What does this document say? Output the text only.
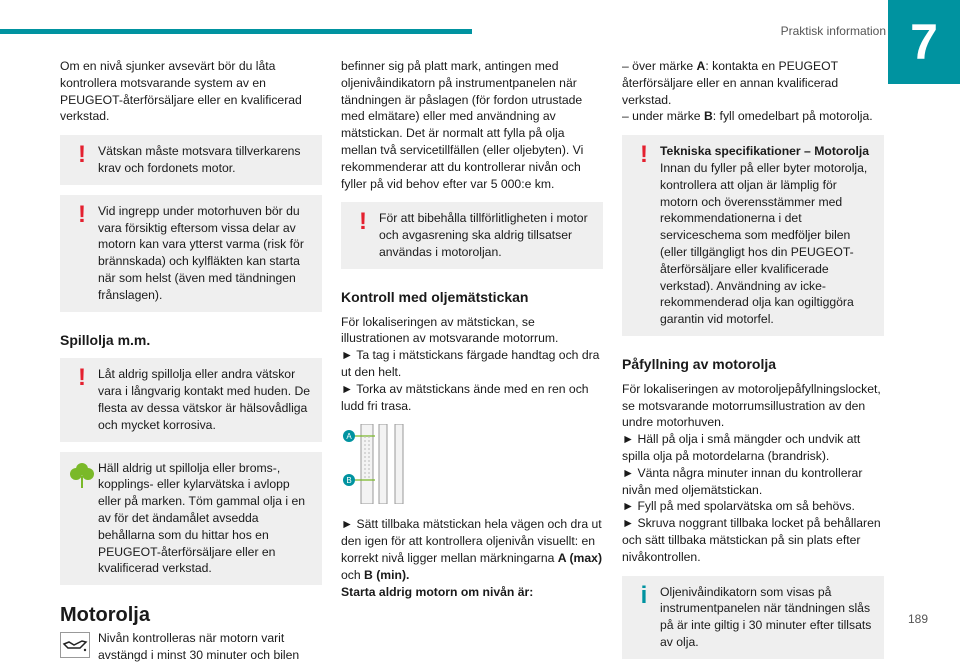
Praktisk information 7
189

Om en nivå sjunker avsevärt bör du låta kontrollera motsvarande system av en PEUGEOT-återförsäljare eller en kvalificerad verkstad.

! Vätskan måste motsvara tillverkarens krav och fordonets motor.

! Vid ingrepp under motorhuven bör du vara försiktig eftersom vissa delar av motorn kan vara ytterst varma (risk för brännskada) och kylfläkten kan starta när som helst (även med tändningen frånslagen).

Spillolja m.m.
! Låt aldrig spillolja eller andra vätskor vara i långvarig kontakt med huden. De flesta av dessa vätskor är hälsovådliga och mycket korrosiva.

Häll aldrig ut spillolja eller broms-, kopplings- eller kylarvätska i avlopp eller på marken. Töm gammal olja i en av för det ändamålet avsedda behållarna som du hittar hos en PEUGEOT-återförsäljare eller en kvalificerad verkstad.

Motorolja

Nivån kontrolleras när motorn varit avstängd i minst 30 minuter och bilen

befinner sig på platt mark, antingen med oljenivåindikatorn på instrumentpanelen när tändningen är påslagen (för fordon utrustade med elmätare) eller med användning av mätstickan. Det är normalt att fylla på olja mellan två servicetillfällen (eller oljebyten). Vi rekommenderar att du kontrollerar nivån och fyller på vid behov efter var 5 000:e km.

! För att bibehålla tillförlitligheten i motor och avgasrening ska aldrig tillsatser användas i motoroljan.

Kontroll med oljemätstickan

För lokaliseringen av mätstickan, se illustrationen av motsvarande motorrum.

► Ta tag i mätstickans färgade handtag och dra ut den helt.

► Torka av mätstickans ände med en ren och ludd fri trasa.

A
B

► Sätt tillbaka mätstickan hela vägen och dra ut den igen för att kontrollera oljenivån visuellt: en korrekt nivå ligger mellan märkningarna A (max) och B (min).

Starta aldrig motorn om nivån är:

– över märke A: kontakta en PEUGEOT återförsäljare eller en annan kvalificerad verkstad.

– under märke B: fyll omedelbart på motorolja.

! Tekniska specifikationer – Motorolja

Innan du fyller på eller byter motorolja, kontrollera att oljan är lämplig för motorn och överensstämmer med rekommendationerna i det serviceschema som medföljer bilen (eller tillgängligt hos din PEUGEOT-återförsäljare eller kvalificerade verkstad). Användning av icke-rekommenderad olja kan ogiltiggöra garantin vid motorfel.

Påfyllning av motorolja

För lokaliseringen av motoroljepåfyllningslocket, se motsvarande motorrumsillustration av den undre motorhuven.

► Häll på olja i små mängder och undvik att spilla olja på motordelarna (brandrisk).

► Vänta några minuter innan du kontrollerar nivån med oljemätstickan.

► Fyll på med spolarvätska om så behövs.

► Skruva noggrant tillbaka locket på behållaren och sätt tillbaka mätstickan på sin plats efter nivåkontrollen.

i	Oljenivåindikatorn som visas på instrumentpanelen när tändningen slås på är inte giltig i 30 minuter efter tillsats av olja.
